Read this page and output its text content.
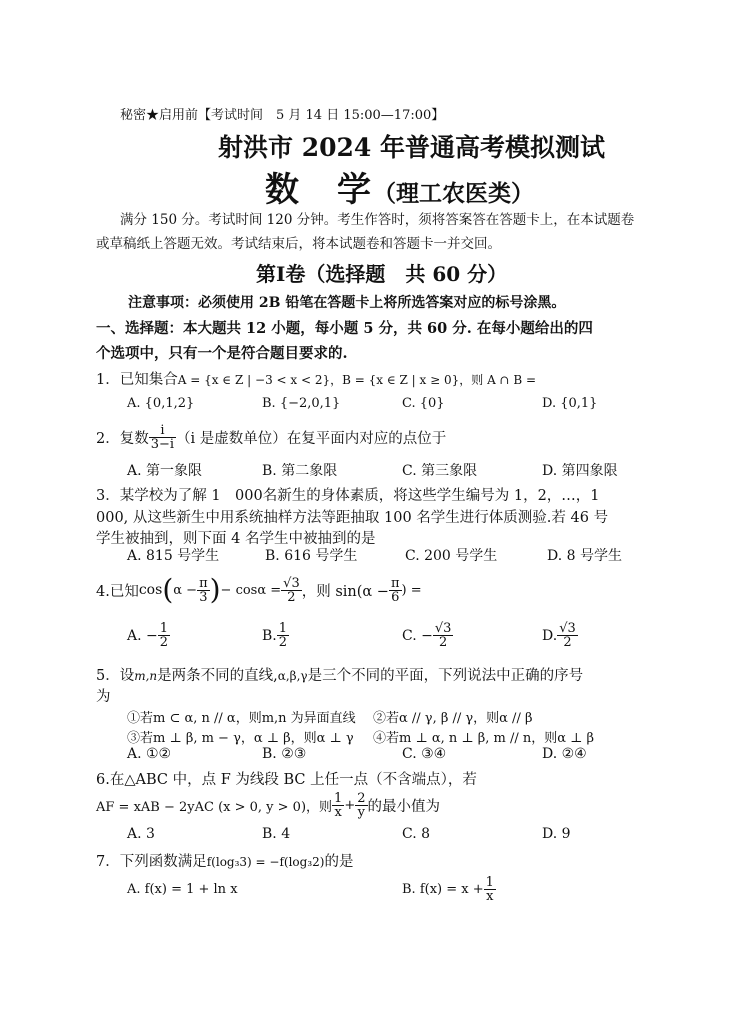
秘密★启用前【考试时间　5 月 14 日 15:00—17:00】
射洪市 2024 年普通高考模拟测试
数　学（理工农医类）
满分 150 分。考试时间 120 分钟。考生作答时，须将答案答在答题卡上，在本试题卷
或草稿纸上答题无效。考试结束后，将本试题卷和答题卡一并交回。
第Ⅰ卷（选择题　共 60 分）
注意事项：必须使用 2B 铅笔在答题卡上将所选答案对应的标号涂黑。
一、选择题：本大题共 12 小题，每小题 5 分，共 60 分. 在每小题给出的四
个选项中，只有一个是符合题目要求的.
1．已知集合A = {x ∈ Z | −3 < x < 2}，B = {x ∈ Z | x ≥ 0}，则 A ∩ B =
A. {0,1,2}	B. {−2,0,1}	C. {0}	D. {0,1}
2．复数 $\frac{i}{3-i} (i$ 是虚数单位）在复平面内对应的点位于
A. 第一象限	B. 第二象限	C. 第三象限	D. 第四象限
3．某学校为了解 1　000名新生的身体素质，将这些学生编号为 1，2，…，1
000, 从这些新生中用系统抽样方法等距抽取 100 名学生进行体质测验.若 46 号
学生被抽到，则下面 4 名学生中被抽到的是
A. 815 号学生	B. 616 号学生	C. 200 号学生	D. 8 号学生
4.已知 cos ( $\alpha - \frac{\pi}{3}$ ) − $\cos\alpha = \frac{√3}{2}$ ，则 $\sin(\alpha - \frac{\pi}{6}$ ) =
A. − $\frac{1}{2}$	B. $\frac{1}{2}$	C. − $\frac{√3}{2}$	D. $\frac{√3}{2}$
5．设m,n是两条不同的直线,α,β,γ是三个不同的平面，下列说法中正确的序号
为
①若m ⊂ α, n // α，则m,n 为异面直线 ②若α // γ, β // γ，则α // β
③若m ⊥ β, m − γ，α ⊥ β，则α ⊥ γ ④若m ⊥ α, n ⊥ β, m // n，则α ⊥ β
A. ①②	B. ②③	C. ③④	D. ②④
6.在△ABC 中，点 F 为线段 BC 上任一点（不含端点），若
AF = xAB − 2yAC (x > 0, y > 0)，则 $\frac{1}{x} + \frac{2}{y}$ 的最小值为
A. 3	B. 4	C. 8	D. 9
7．下列函数满足f(log₃3) = −f(log₃2)的是
A. f(x) = 1 + ln x	B. $f(x) = x + \frac{1}{x}$
